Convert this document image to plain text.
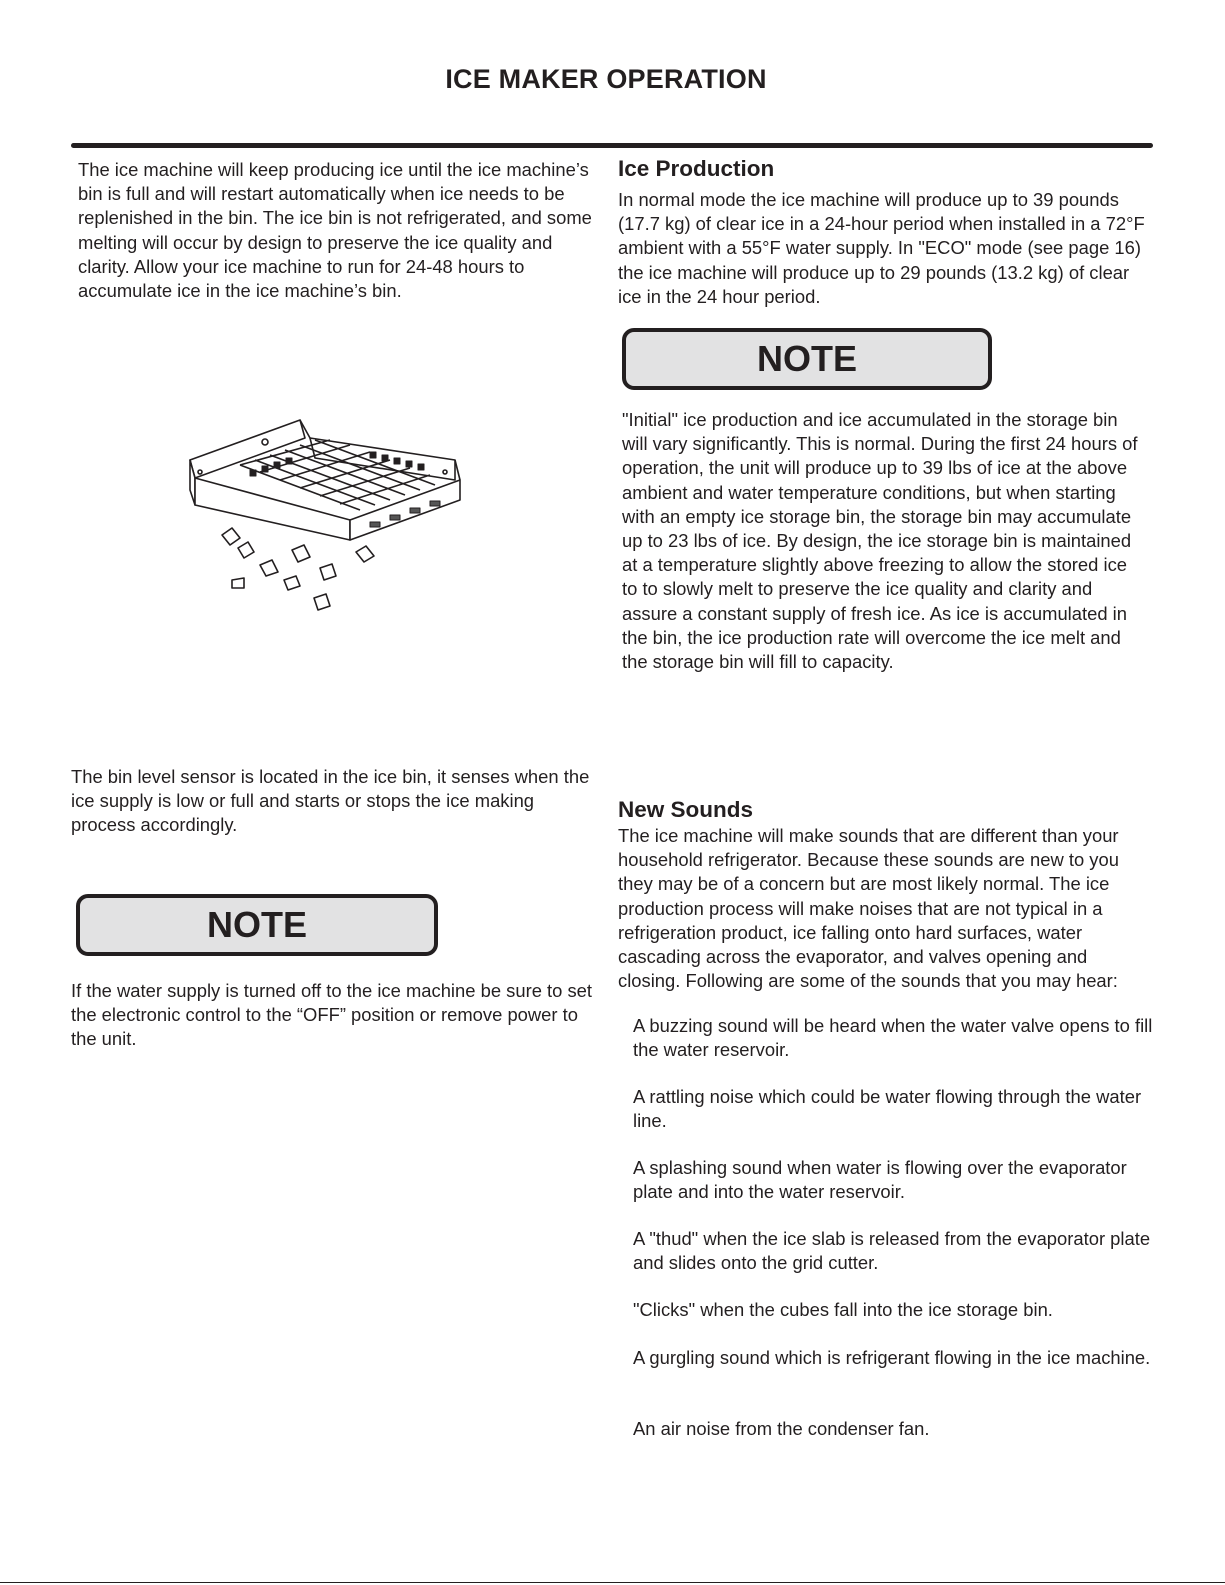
ICE MAKER OPERATION

The ice machine will keep producing ice until the ice machine’s bin is full and will restart automatically when ice needs to be replenished in the bin. The ice bin is not refrigerated, and some melting will occur by design to preserve the ice quality and clarity. Allow your ice machine to run for 24-48 hours to accumulate ice in the ice machine’s bin.

The bin level sensor is located in the ice bin, it senses when the ice supply is low or full and starts or stops the ice making process accordingly.

NOTE

If the water supply is turned off to the ice machine be sure to set the electronic control to the “OFF” position or remove power to the unit.

Ice Production

In normal mode the ice machine will produce up to 39 pounds (17.7 kg) of clear ice in a 24-hour period when installed in a 72°F ambient with a 55°F water supply. In "ECO" mode (see page 16) the ice machine will produce up to 29 pounds (13.2 kg) of clear ice in the 24 hour period.

NOTE

"Initial" ice production and ice accumulated in the storage bin will vary significantly. This is normal. During the first 24 hours of operation, the unit will produce up to 39 lbs of ice at the above ambient and water temperature conditions, but when starting with an empty ice storage bin, the storage bin may accumulate up to 23 lbs of ice. By design, the ice storage bin is maintained at a temperature slightly above freezing to allow the stored ice to to slowly melt to preserve the ice quality and clarity and assure a constant supply of fresh ice. As ice is accumulated in the bin, the ice production rate will overcome the ice melt and the storage bin will fill to capacity.

New Sounds

The ice machine will make sounds that are different than your household refrigerator. Because these sounds are new to you they may be of a concern but are most likely normal. The ice production process will make noises that are not typical in a refrigeration product, ice falling onto hard surfaces, water cascading across the evaporator, and valves opening and closing. Following are some of the sounds that you may hear:

A buzzing sound will be heard when the water valve opens to fill the water reservoir.

A rattling noise which could be water flowing through the water line.

A splashing sound when water is flowing over the evaporator plate and into the water reservoir.

A "thud" when the ice slab is released from the evaporator plate and slides onto the grid cutter.

"Clicks" when the cubes fall into the ice storage bin.

A gurgling sound which is refrigerant flowing in the ice machine.

An air noise from the condenser fan.
